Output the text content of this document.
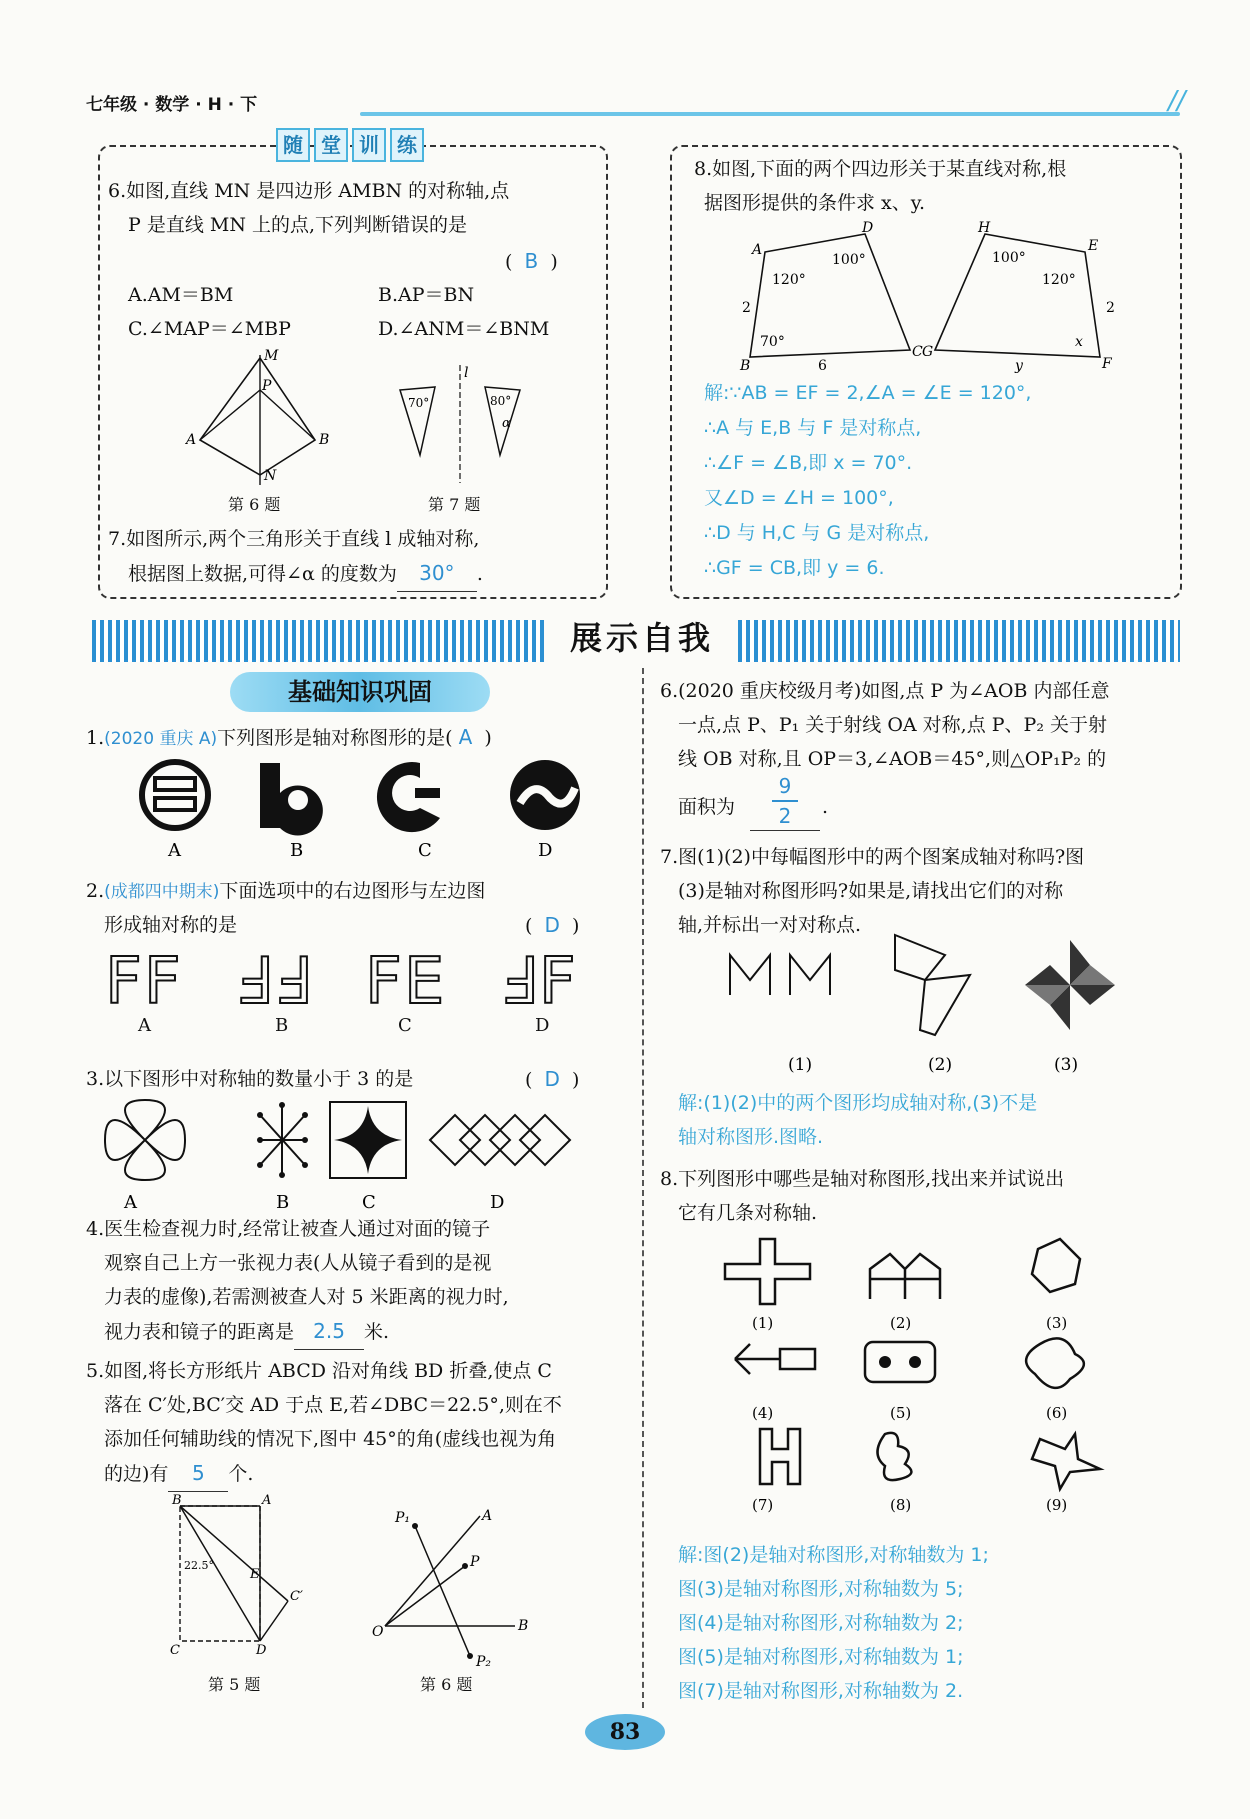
七年级 · 数学 · H · 下	//
随 堂 训 练
6.如图,直线 MN 是四边形 AMBN 的对称轴,点
P 是直线 MN 上的点,下列判断错误的是
( B )
A.AM＝BM	B.AP＝BN
C.∠MAP＝∠MBP	D.∠ANM＝∠BNM
M
P
A	B
N
第 6 题
l
70°	80°
α
第 7 题
7.如图所示,两个三角形关于直线 l 成轴对称,
根据图上数据,可得∠α 的度数为 30° .
8.如图,下面的两个四边形关于某直线对称,根
据图形提供的条件求 x、y.
A
D
C
B
120°
100°
70°
2
6
H
E
F
G
100°
120°
2
x
y
解:∵AB = EF = 2,∠A = ∠E = 120°,
∴A 与 E,B 与 F 是对称点,
∴∠F = ∠B,即 x = 70°.
又∠D = ∠H = 100°,
∴D 与 H,C 与 G 是对称点,
∴GF = CB,即 y = 6.
展示自我
基础知识巩固
1.(2020 重庆 A)下列图形是轴对称图形的是( A )
A	B	C	D
2.(成都四中期末)下面选项中的右边图形与左边图
形成轴对称的是	(  D  )
FF ℲℲ FE ℲF
A	B	C	D
3.以下图形中对称轴的数量小于 3 的是	(  D  )
A	B	C	D
4.医生检查视力时,经常让被查人通过对面的镜子
观察自己上方一张视力表(人从镜子看到的是视
力表的虚像),若需测被查人对 5 米距离的视力时,
视力表和镜子的距离是 2.5 米.
5.如图,将长方形纸片 ABCD 沿对角线 BD 折叠,使点 C
落在 C′处,BC′交 AD 于点 E,若∠DBC＝22.5°,则在不
添加任何辅助线的情况下,图中 45°的角(虚线也视为角
的边)有 5 个.
B	A
E
C′
C	D
22.5°
第 5 题
P₁	A
P
O	B
P₂
第 6 题
6.(2020 重庆校级月考)如图,点 P 为∠AOB 内部任意
一点,点 P、P₁ 关于射线 OA 对称,点 P、P₂ 关于射
线 OB 对称,且 OP＝3,∠AOB＝45°,则△OP₁P₂ 的
面积为
9
2	.
7.图(1)(2)中每幅图形中的两个图案成轴对称吗?图
(3)是轴对称图形吗?如果是,请找出它们的对称
轴,并标出一对对称点.
(1)	(2)	(3)
解:(1)(2)中的两个图形均成轴对称,(3)不是
轴对称图形.图略.
8.下列图形中哪些是轴对称图形,找出来并试说出
它有几条对称轴.
(1)	(2)	(3)
(4)	(5)	(6)
(7)	(8)	(9)
解:图(2)是轴对称图形,对称轴数为 1;
图(3)是轴对称图形,对称轴数为 5;
图(4)是轴对称图形,对称轴数为 2;
图(5)是轴对称图形,对称轴数为 1;
图(7)是轴对称图形,对称轴数为 2.
83
